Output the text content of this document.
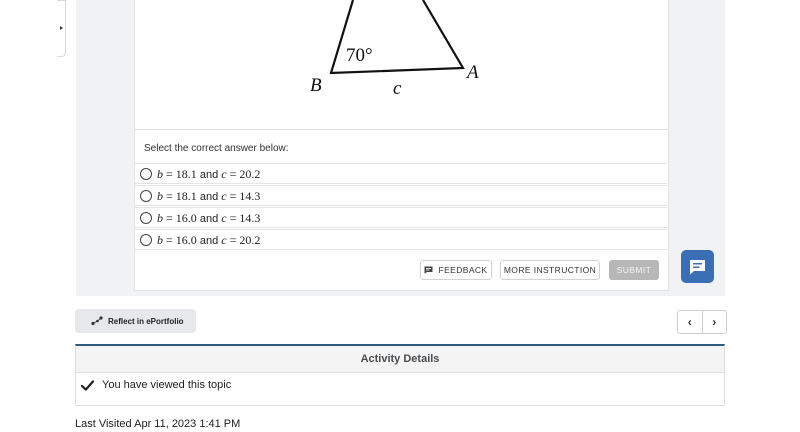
70°
B
A
c
Select the correct answer below:
b = 18.1 and c = 20.2
b = 18.1 and c = 14.3
b = 16.0 and c = 14.3
b = 16.0 and c = 20.2
FEEDBACK MORE INSTRUCTION SUBMIT
Reflect in ePortfolio	‹ ›
Activity Details
You have viewed this topic
Last Visited Apr 11, 2023 1:41 PM
